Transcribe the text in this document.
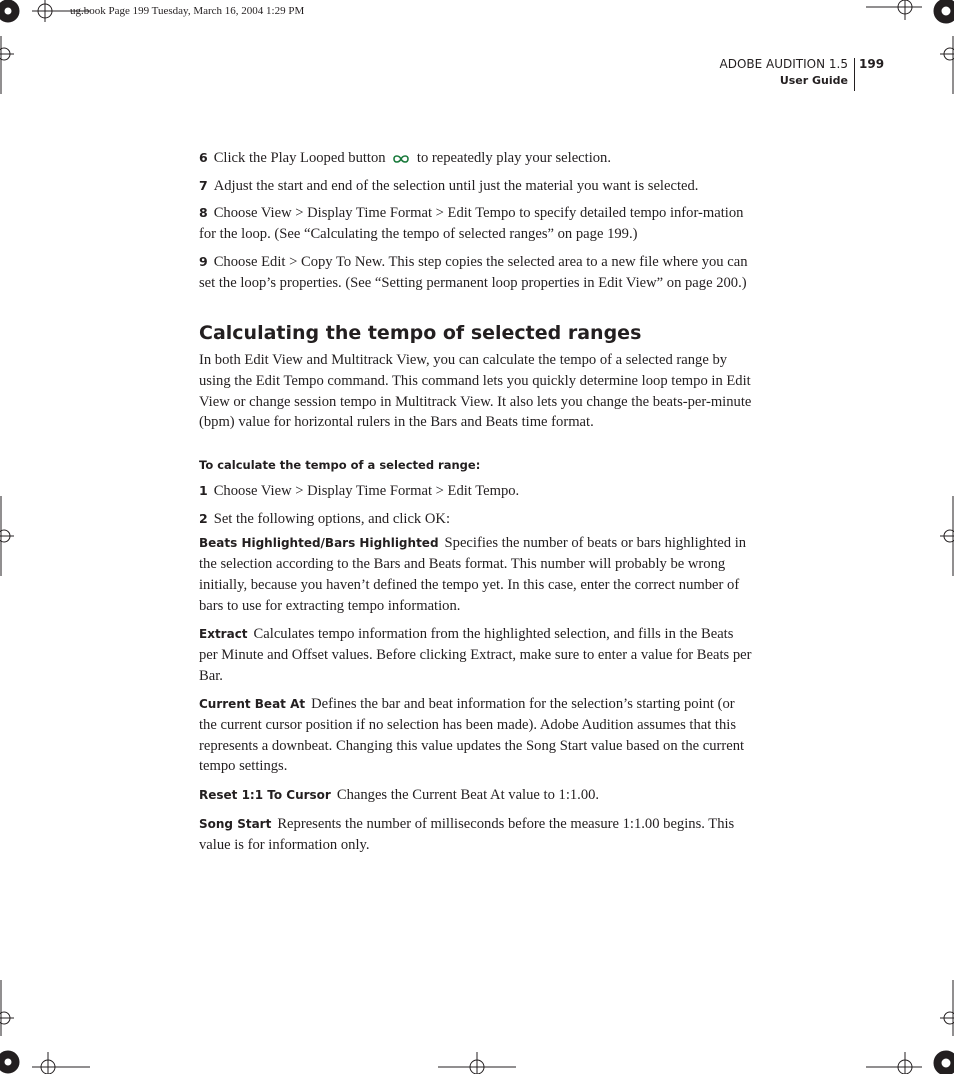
ug.book Page 199 Tuesday, March 16, 2004 1:29 PM
ADOBE AUDITION 1.5
User Guide
199

6 Click the Play Looped button to repeatedly play your selection.

7 Adjust the start and end of the selection until just the material you want is selected.

8 Choose View > Display Time Format > Edit Tempo to specify detailed tempo infor-mation for the loop. (See “Calculating the tempo of selected ranges” on page 199.)

9 Choose Edit > Copy To New. This step copies the selected area to a new file where you can set the loop’s properties. (See “Setting permanent loop properties in Edit View” on page 200.)

Calculating the tempo of selected ranges

In both Edit View and Multitrack View, you can calculate the tempo of a selected range by using the Edit Tempo command. This command lets you quickly determine loop tempo in Edit View or change session tempo in Multitrack View. It also lets you change the beats-per-minute (bpm) value for horizontal rulers in the Bars and Beats time format.

To calculate the tempo of a selected range:

1 Choose View > Display Time Format > Edit Tempo.

2 Set the following options, and click OK:

Beats Highlighted/Bars Highlighted Specifies the number of beats or bars highlighted in the selection according to the Bars and Beats format. This number will probably be wrong initially, because you haven’t defined the tempo yet. In this case, enter the correct number of bars to use for extracting tempo information.

Extract Calculates tempo information from the highlighted selection, and fills in the Beats per Minute and Offset values. Before clicking Extract, make sure to enter a value for Beats per Bar.

Current Beat At Defines the bar and beat information for the selection’s starting point (or the current cursor position if no selection has been made). Adobe Audition assumes that this represents a downbeat. Changing this value updates the Song Start value based on the current tempo settings.

Reset 1:1 To Cursor Changes the Current Beat At value to 1:1.00.

Song Start Represents the number of milliseconds before the measure 1:1.00 begins. This value is for information only.
